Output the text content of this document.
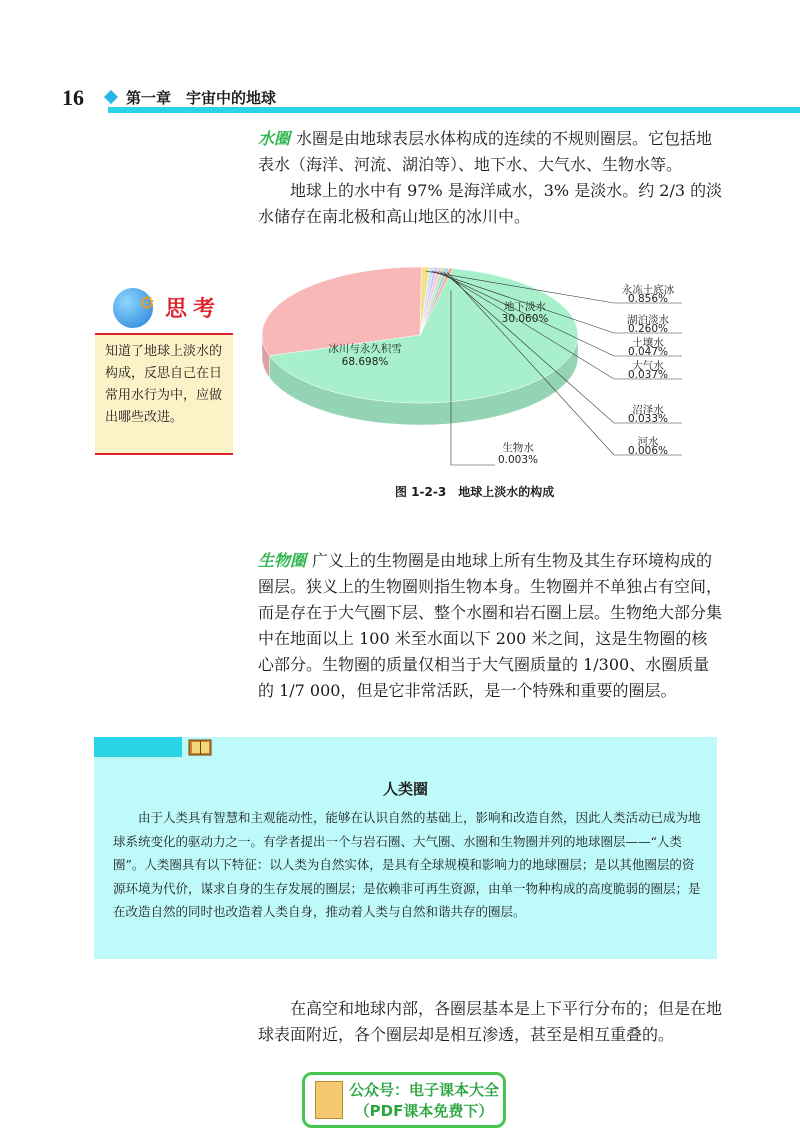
16	第一章　宇宙中的地球

水圈 水圈是由地球表层水体构成的连续的不规则圈层。它包括地表水（海洋、河流、湖泊等）、地下水、大气水、生物水等。

地球上的水中有 97% 是海洋咸水，3% 是淡水。约 2/3 的淡水储存在南北极和高山地区的冰川中。

⚙ 思考
知道了地球上淡水的构成，反思自己在日常用水行为中，应做出哪些改进。
冰川与永久积雪
68.698%
地下淡水
30.060%
永冻土底冰
0.856%
湖泊淡水
0.260%
土壤水
0.047%
大气水
0.037%
沼泽水
0.033%
河水
0.006%
生物水
0.003%
图 1-2-3　地球上淡水的构成

生物圈 广义上的生物圈是由地球上所有生物及其生存环境构成的圈层。狭义上的生物圈则指生物本身。生物圈并不单独占有空间，而是存在于大气圈下层、整个水圈和岩石圈上层。生物绝大部分集中在地面以上 100 米至水面以下 200 米之间，这是生物圈的核心部分。生物圈的质量仅相当于大气圈质量的 1/300、水圈质量的 1/7 000，但是它非常活跃，是一个特殊和重要的圈层。

人类圈

由于人类具有智慧和主观能动性，能够在认识自然的基础上，影响和改造自然，因此人类活动已成为地球系统变化的驱动力之一。有学者提出一个与岩石圈、大气圈、水圈和生物圈并列的地球圈层——“人类圈”。人类圈具有以下特征：以人类为自然实体，是具有全球规模和影响力的地球圈层；是以其他圈层的资源环境为代价，谋求自身的生存发展的圈层；是依赖非可再生资源，由单一物种构成的高度脆弱的圈层；是在改造自然的同时也改造着人类自身，推动着人类与自然和谐共存的圈层。

在高空和地球内部，各圈层基本是上下平行分布的；但是在地球表面附近，各个圈层却是相互渗透，甚至是相互重叠的。

公众号：电子课本大全
（PDF课本免费下）
